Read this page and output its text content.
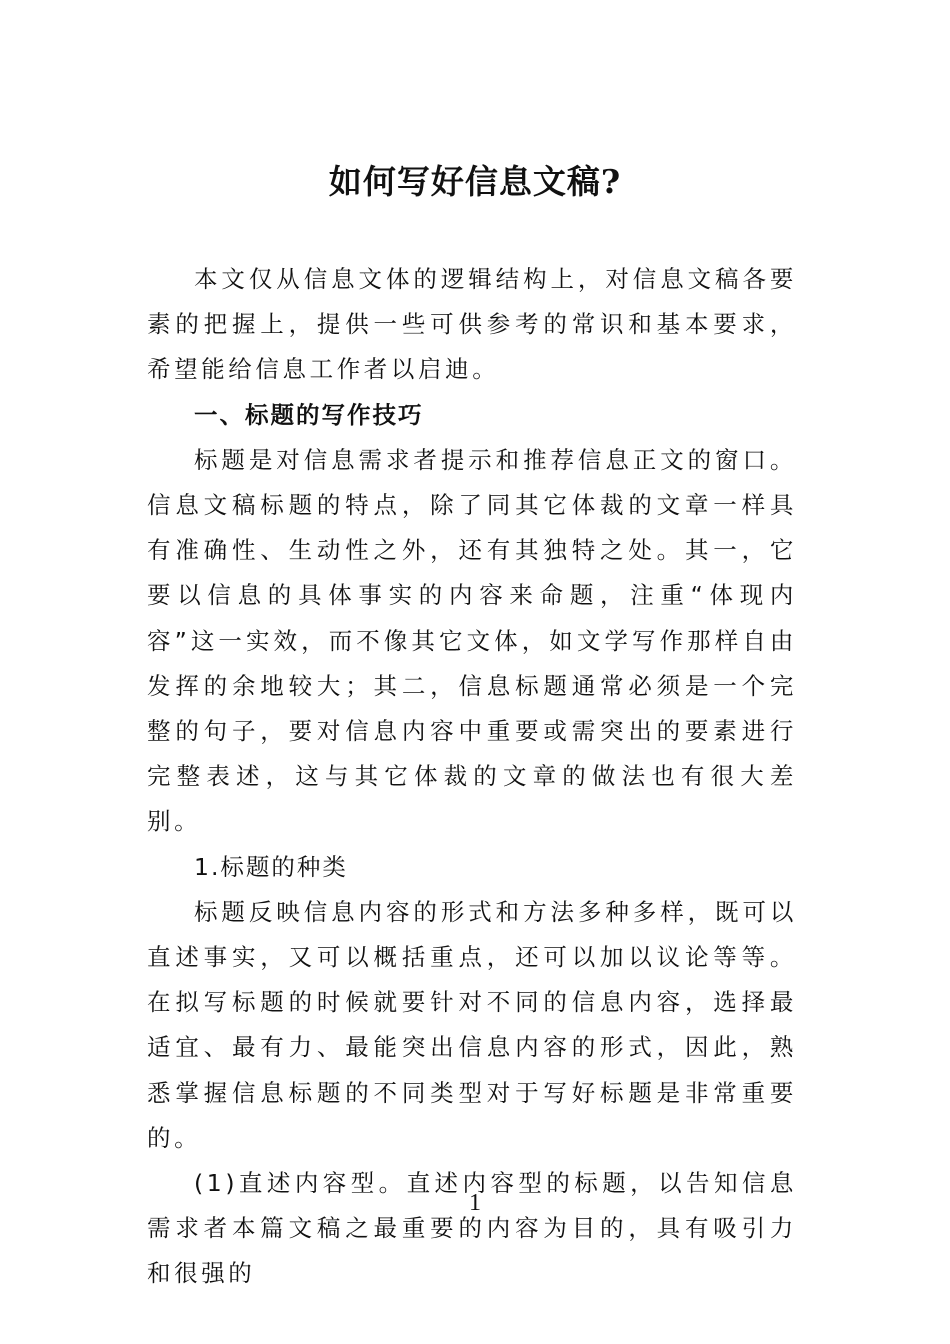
如何写好信息文稿?

本文仅从信息文体的逻辑结构上，对信息文稿各要素的把握上，提供一些可供参考的常识和基本要求，希望能给信息工作者以启迪。

一、标题的写作技巧

标题是对信息需求者提示和推荐信息正文的窗口。信息文稿标题的特点，除了同其它体裁的文章一样具有准确性、生动性之外，还有其独特之处。其一，它要以信息的具体事实的内容来命题，注重“体现内容”这一实效，而不像其它文体，如文学写作那样自由发挥的余地较大；其二，信息标题通常必须是一个完整的句子，要对信息内容中重要或需突出的要素进行完整表述，这与其它体裁的文章的做法也有很大差别。

1.标题的种类

标题反映信息内容的形式和方法多种多样，既可以直述事实，又可以概括重点，还可以加以议论等等。在拟写标题的时候就要针对不同的信息内容，选择最适宜、最有力、最能突出信息内容的形式，因此，熟悉掌握信息标题的不同类型对于写好标题是非常重要的。

(1)直述内容型。直述内容型的标题，以告知信息需求者本篇文稿之最重要的内容为目的，具有吸引力和很强的

1
